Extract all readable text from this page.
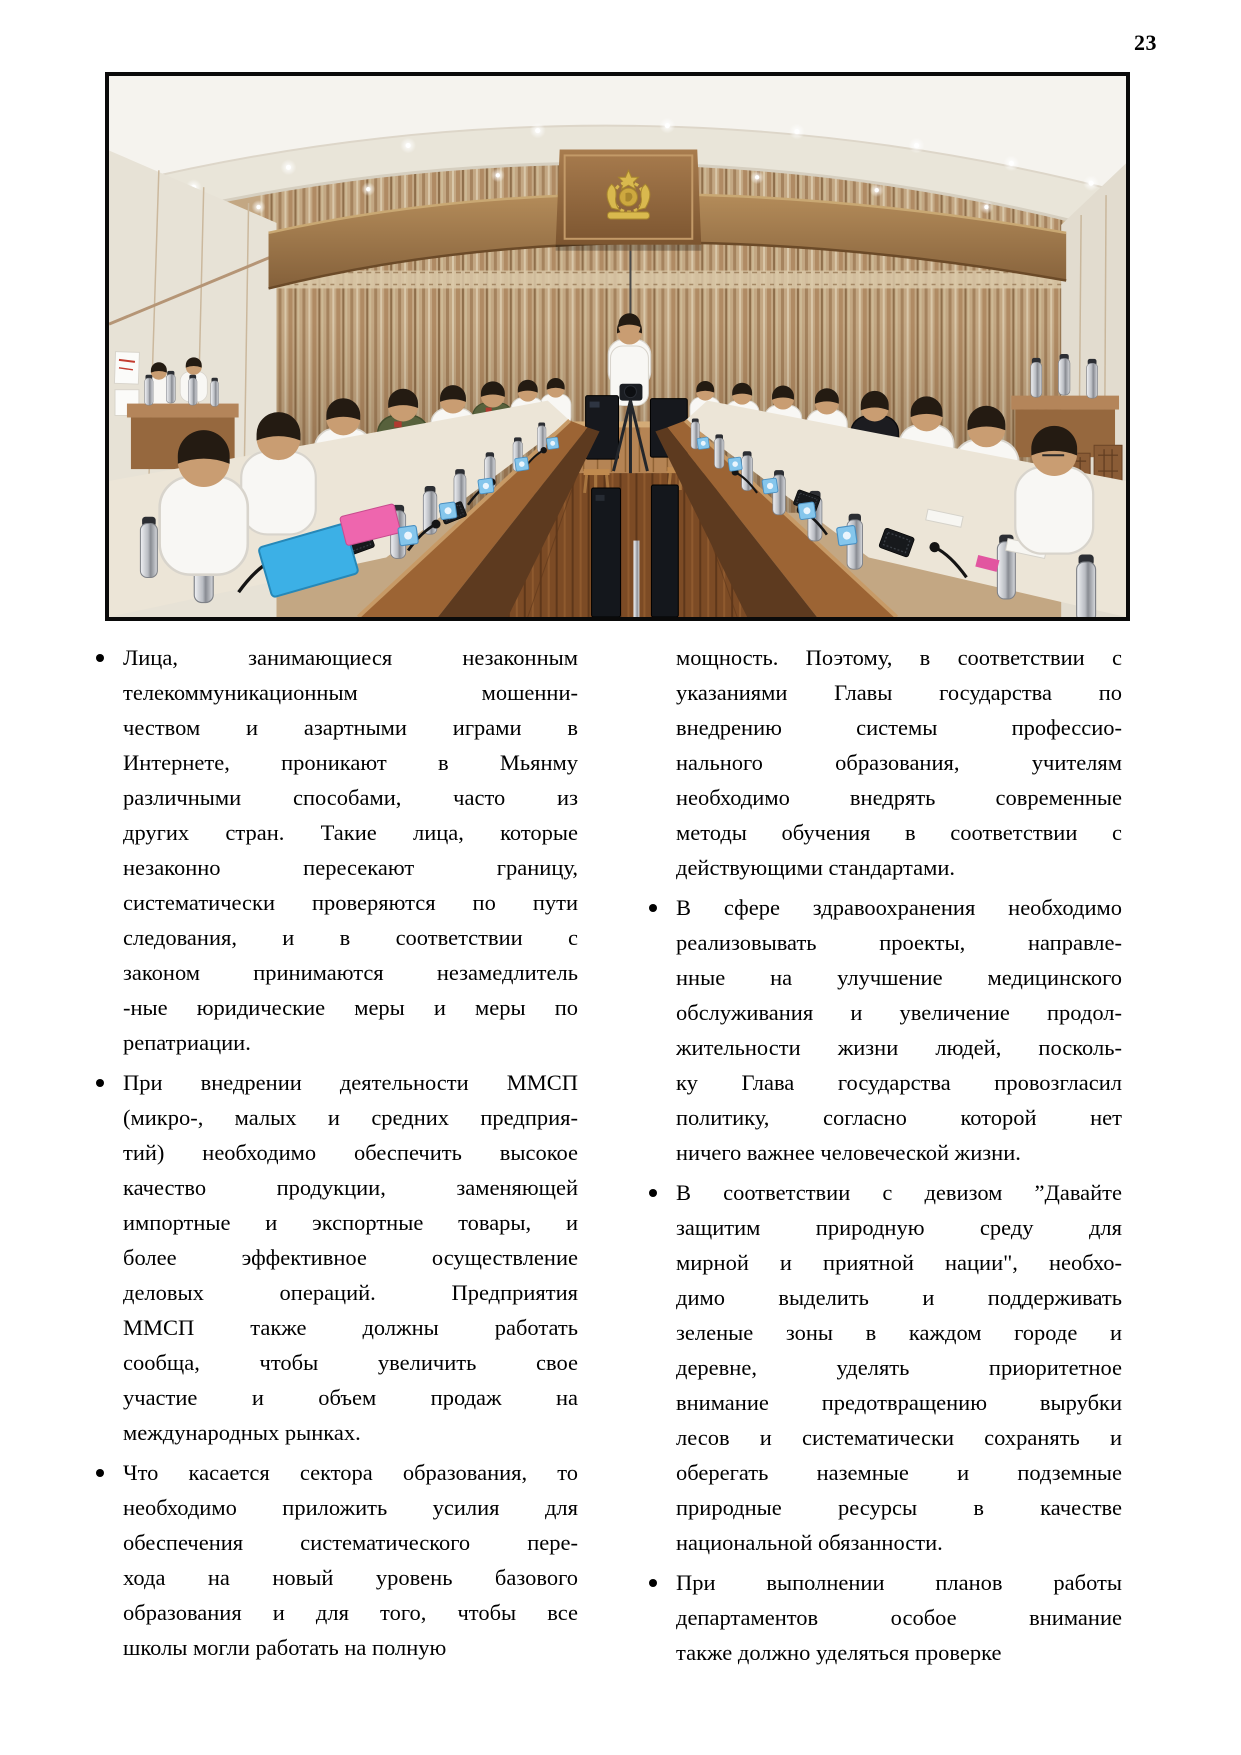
23
Лица, занимающиеся незаконным
телекоммуникационным мошенни-
чеством и азартными играми в
Интернете, проникают в Мьянму
различными способами, часто из
других стран. Такие лица, которые
незаконно пересекают границу,
систематически проверяются по пути
следования, и в соответствии с
законом принимаются незамедлитель
-ные юридические меры и меры по
репатриации.
При внедрении деятельности ММСП
(микро-, малых и средних предприя-
тий) необходимо обеспечить высокое
качество продукции, заменяющей
импортные и экспортные товары, и
более эффективное осуществление
деловых операций. Предприятия
ММСП также должны работать
сообща, чтобы увеличить свое
участие и объем продаж на
международных рынках.
Что касается сектора образования, то
необходимо приложить усилия для
обеспечения систематического пере-
хода на новый уровень базового
образования и для того, чтобы все
школы могли работать на полную
мощность. Поэтому, в соответствии с
указаниями Главы государства по
внедрению системы профессио-
нального образования, учителям
необходимо внедрять современные
методы обучения в соответствии с
действующими стандартами.
В сфере здравоохранения необходимо
реализовывать проекты, направле-
нные на улучшение медицинского
обслуживания и увеличение продол-
жительности жизни людей, посколь-
ку Глава государства провозгласил
политику, согласно которой нет
ничего важнее человеческой жизни.
В соответствии с девизом ”Давайте
защитим природную среду для
мирной и приятной нации", необхо-
димо выделить и поддерживать
зеленые зоны в каждом городе и
деревне, уделять приоритетное
внимание предотвращению вырубки
лесов и систематически сохранять и
оберегать наземные и подземные
природные ресурсы в качестве
национальной обязанности.
При выполнении планов работы
департаментов особое внимание
также должно уделяться проверке
